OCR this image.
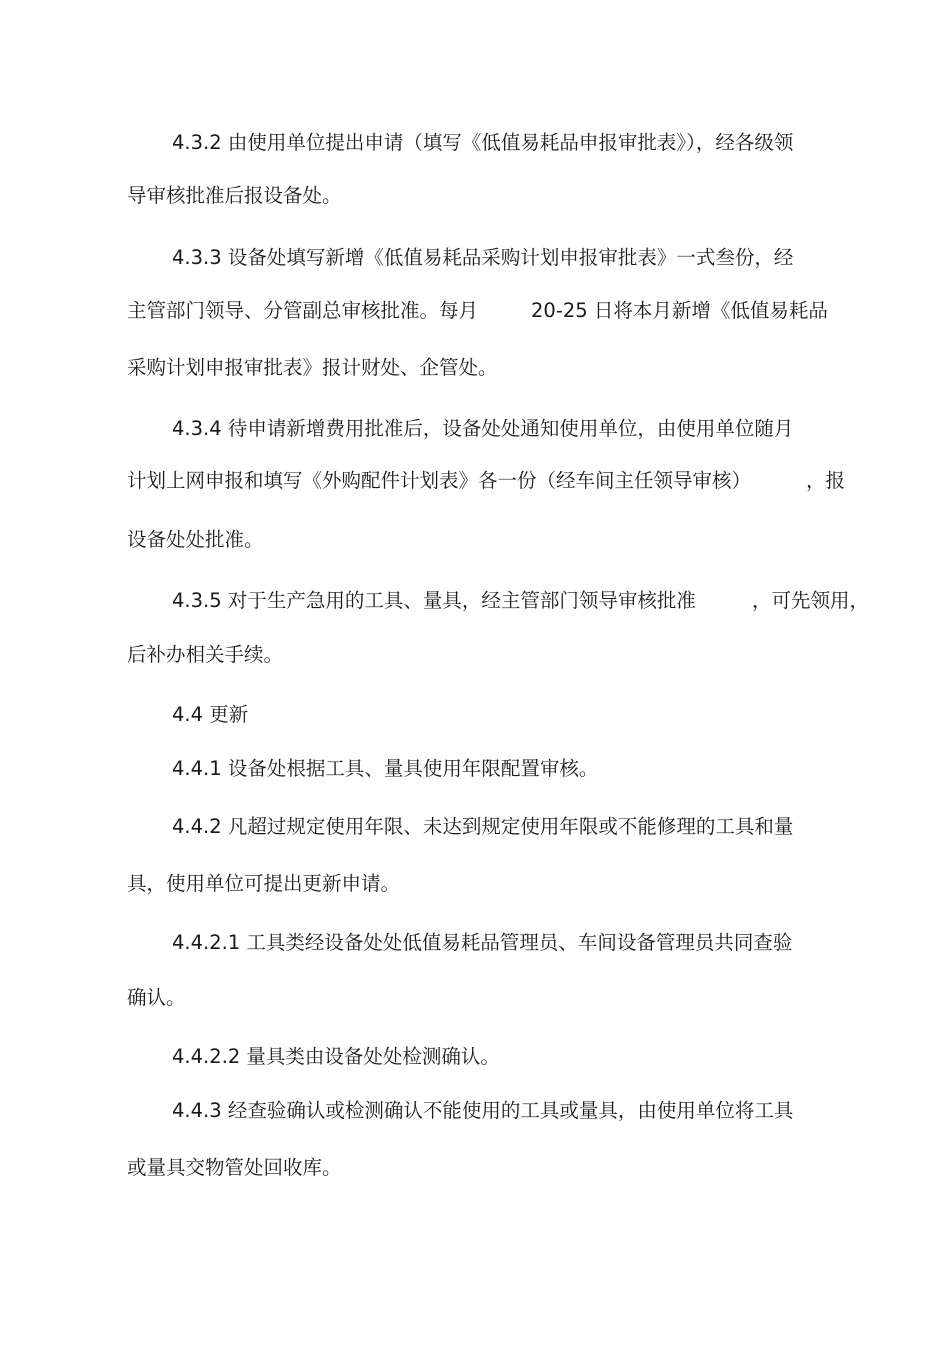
4.3.2 由使用单位提出申请（填写《低值易耗品申报审批表》），经各级领
导审核批准后报设备处。
4.3.3 设备处填写新增《低值易耗品采购计划申报审批表》一式叁份，经
主管部门领导、分管副总审核批准。每月	20-25 日将本月新增《低值易耗品
采购计划申报审批表》报计财处、企管处。
4.3.4 待申请新增费用批准后，设备处处通知使用单位，由使用单位随月
计划上网申报和填写《外购配件计划表》各一份（经车间主任领导审核）	，报
设备处处批准。
4.3.5 对于生产急用的工具、量具，经主管部门领导审核批准	，可先领用，
后补办相关手续。
4.4 更新
4.4.1 设备处根据工具、量具使用年限配置审核。
4.4.2 凡超过规定使用年限、未达到规定使用年限或不能修理的工具和量
具，使用单位可提出更新申请。
4.4.2.1 工具类经设备处处低值易耗品管理员、车间设备管理员共同查验
确认。
4.4.2.2 量具类由设备处处检测确认。
4.4.3 经查验确认或检测确认不能使用的工具或量具，由使用单位将工具
或量具交物管处回收库。
